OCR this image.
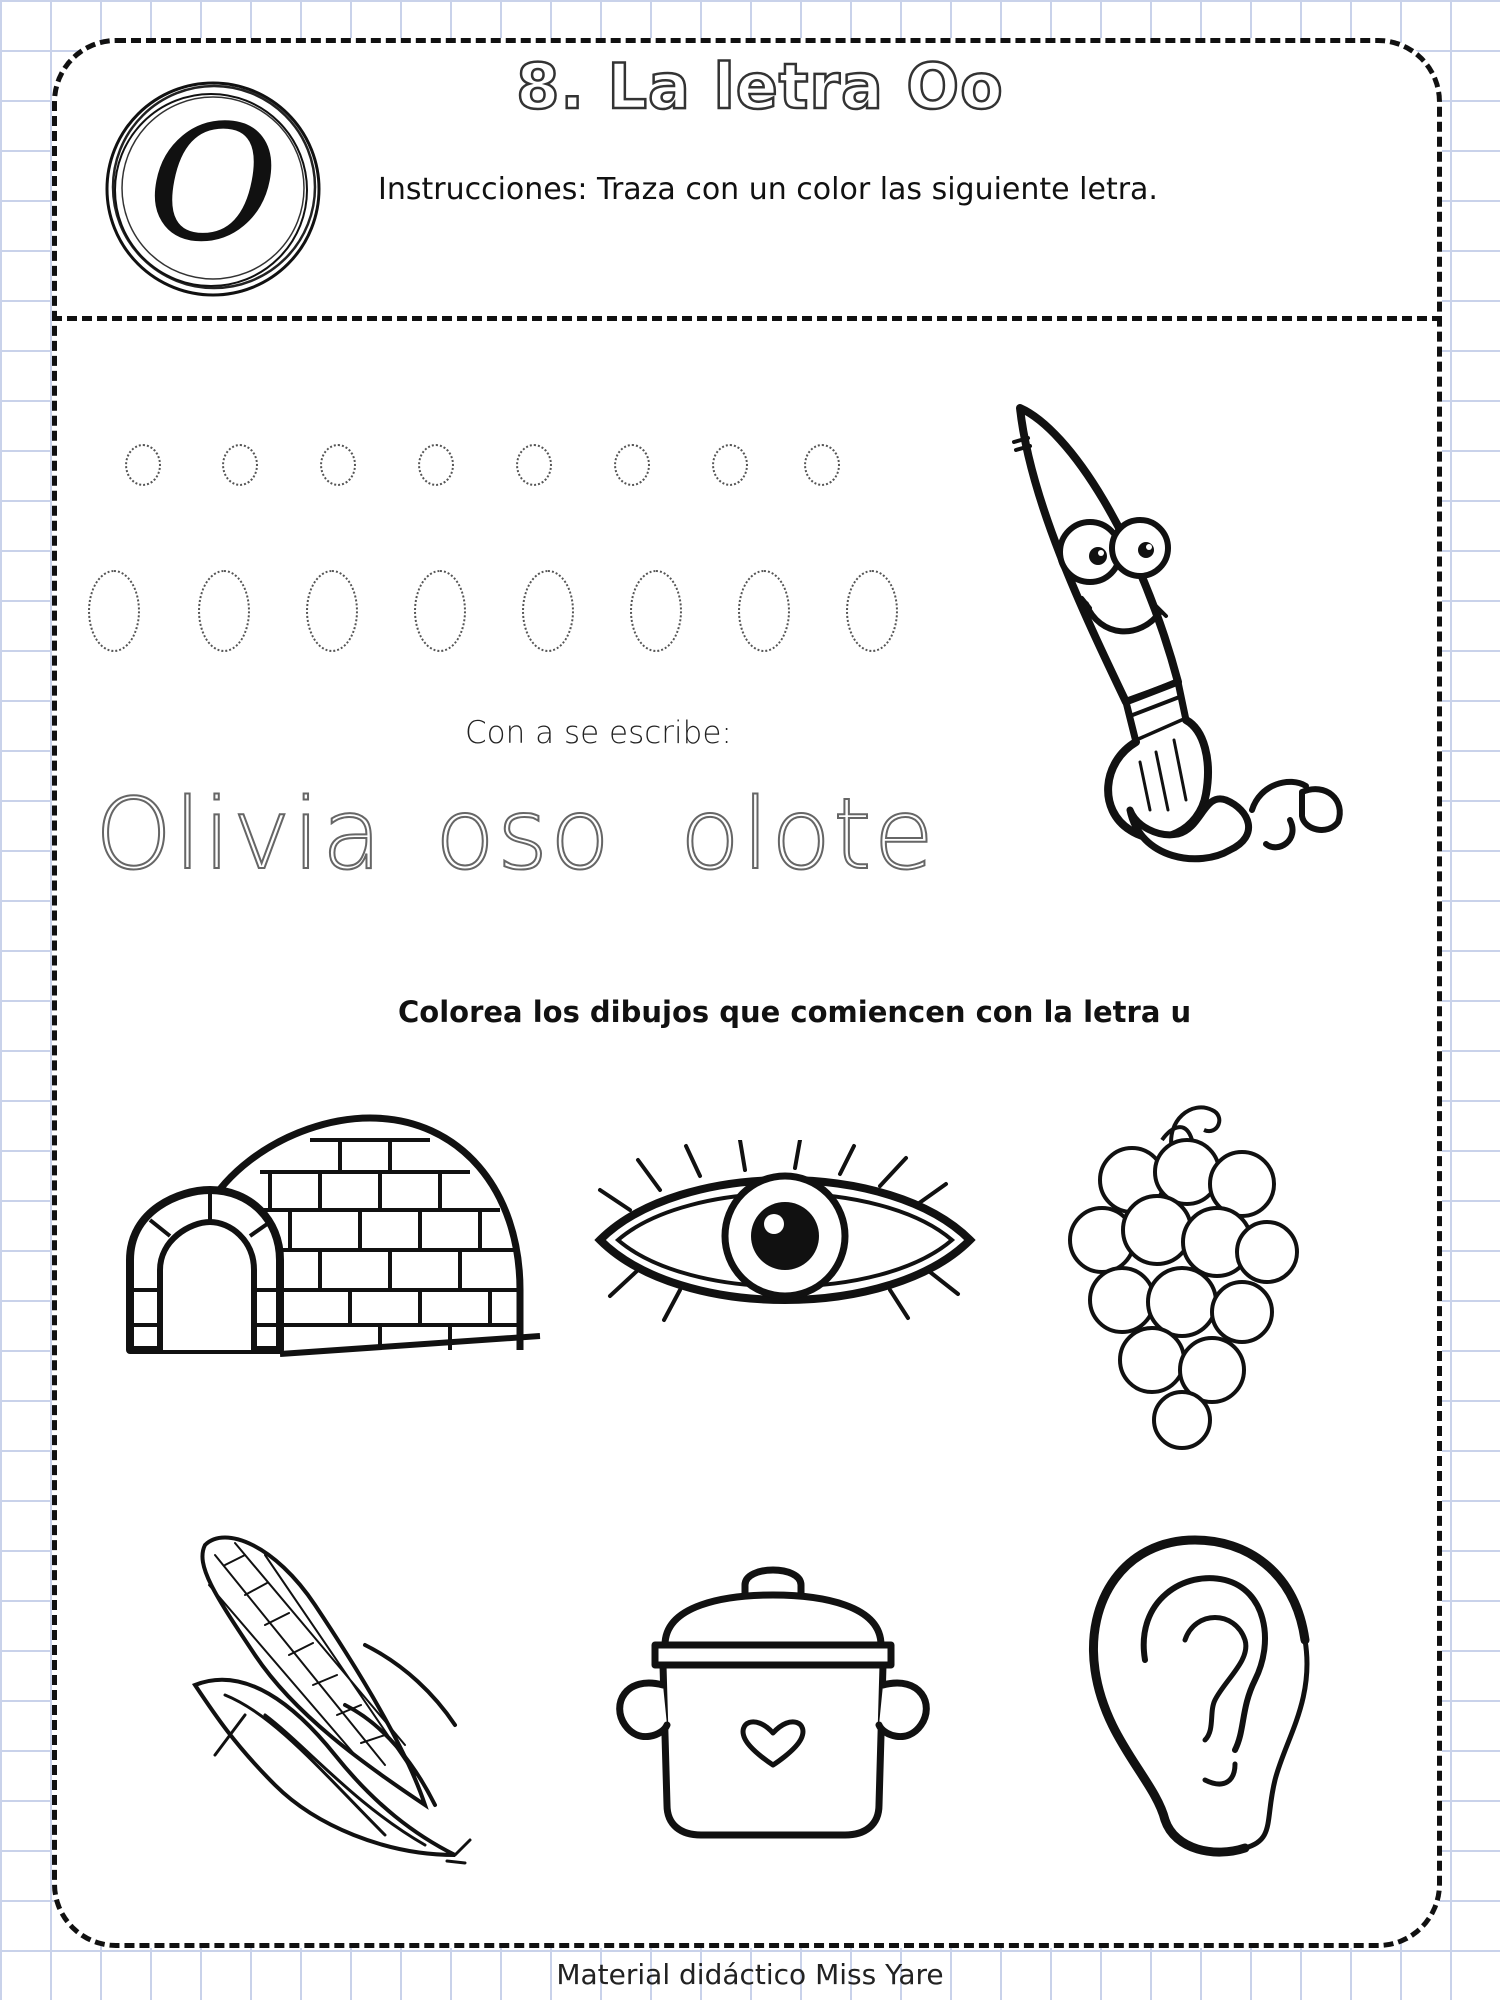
O
8. La letra Oo
Instrucciones: Traza con un color las siguiente letra.
Con a se escribe:
Olivia oso olote
Colorea los dibujos que comiencen con la letra u
Material didáctico Miss Yare
